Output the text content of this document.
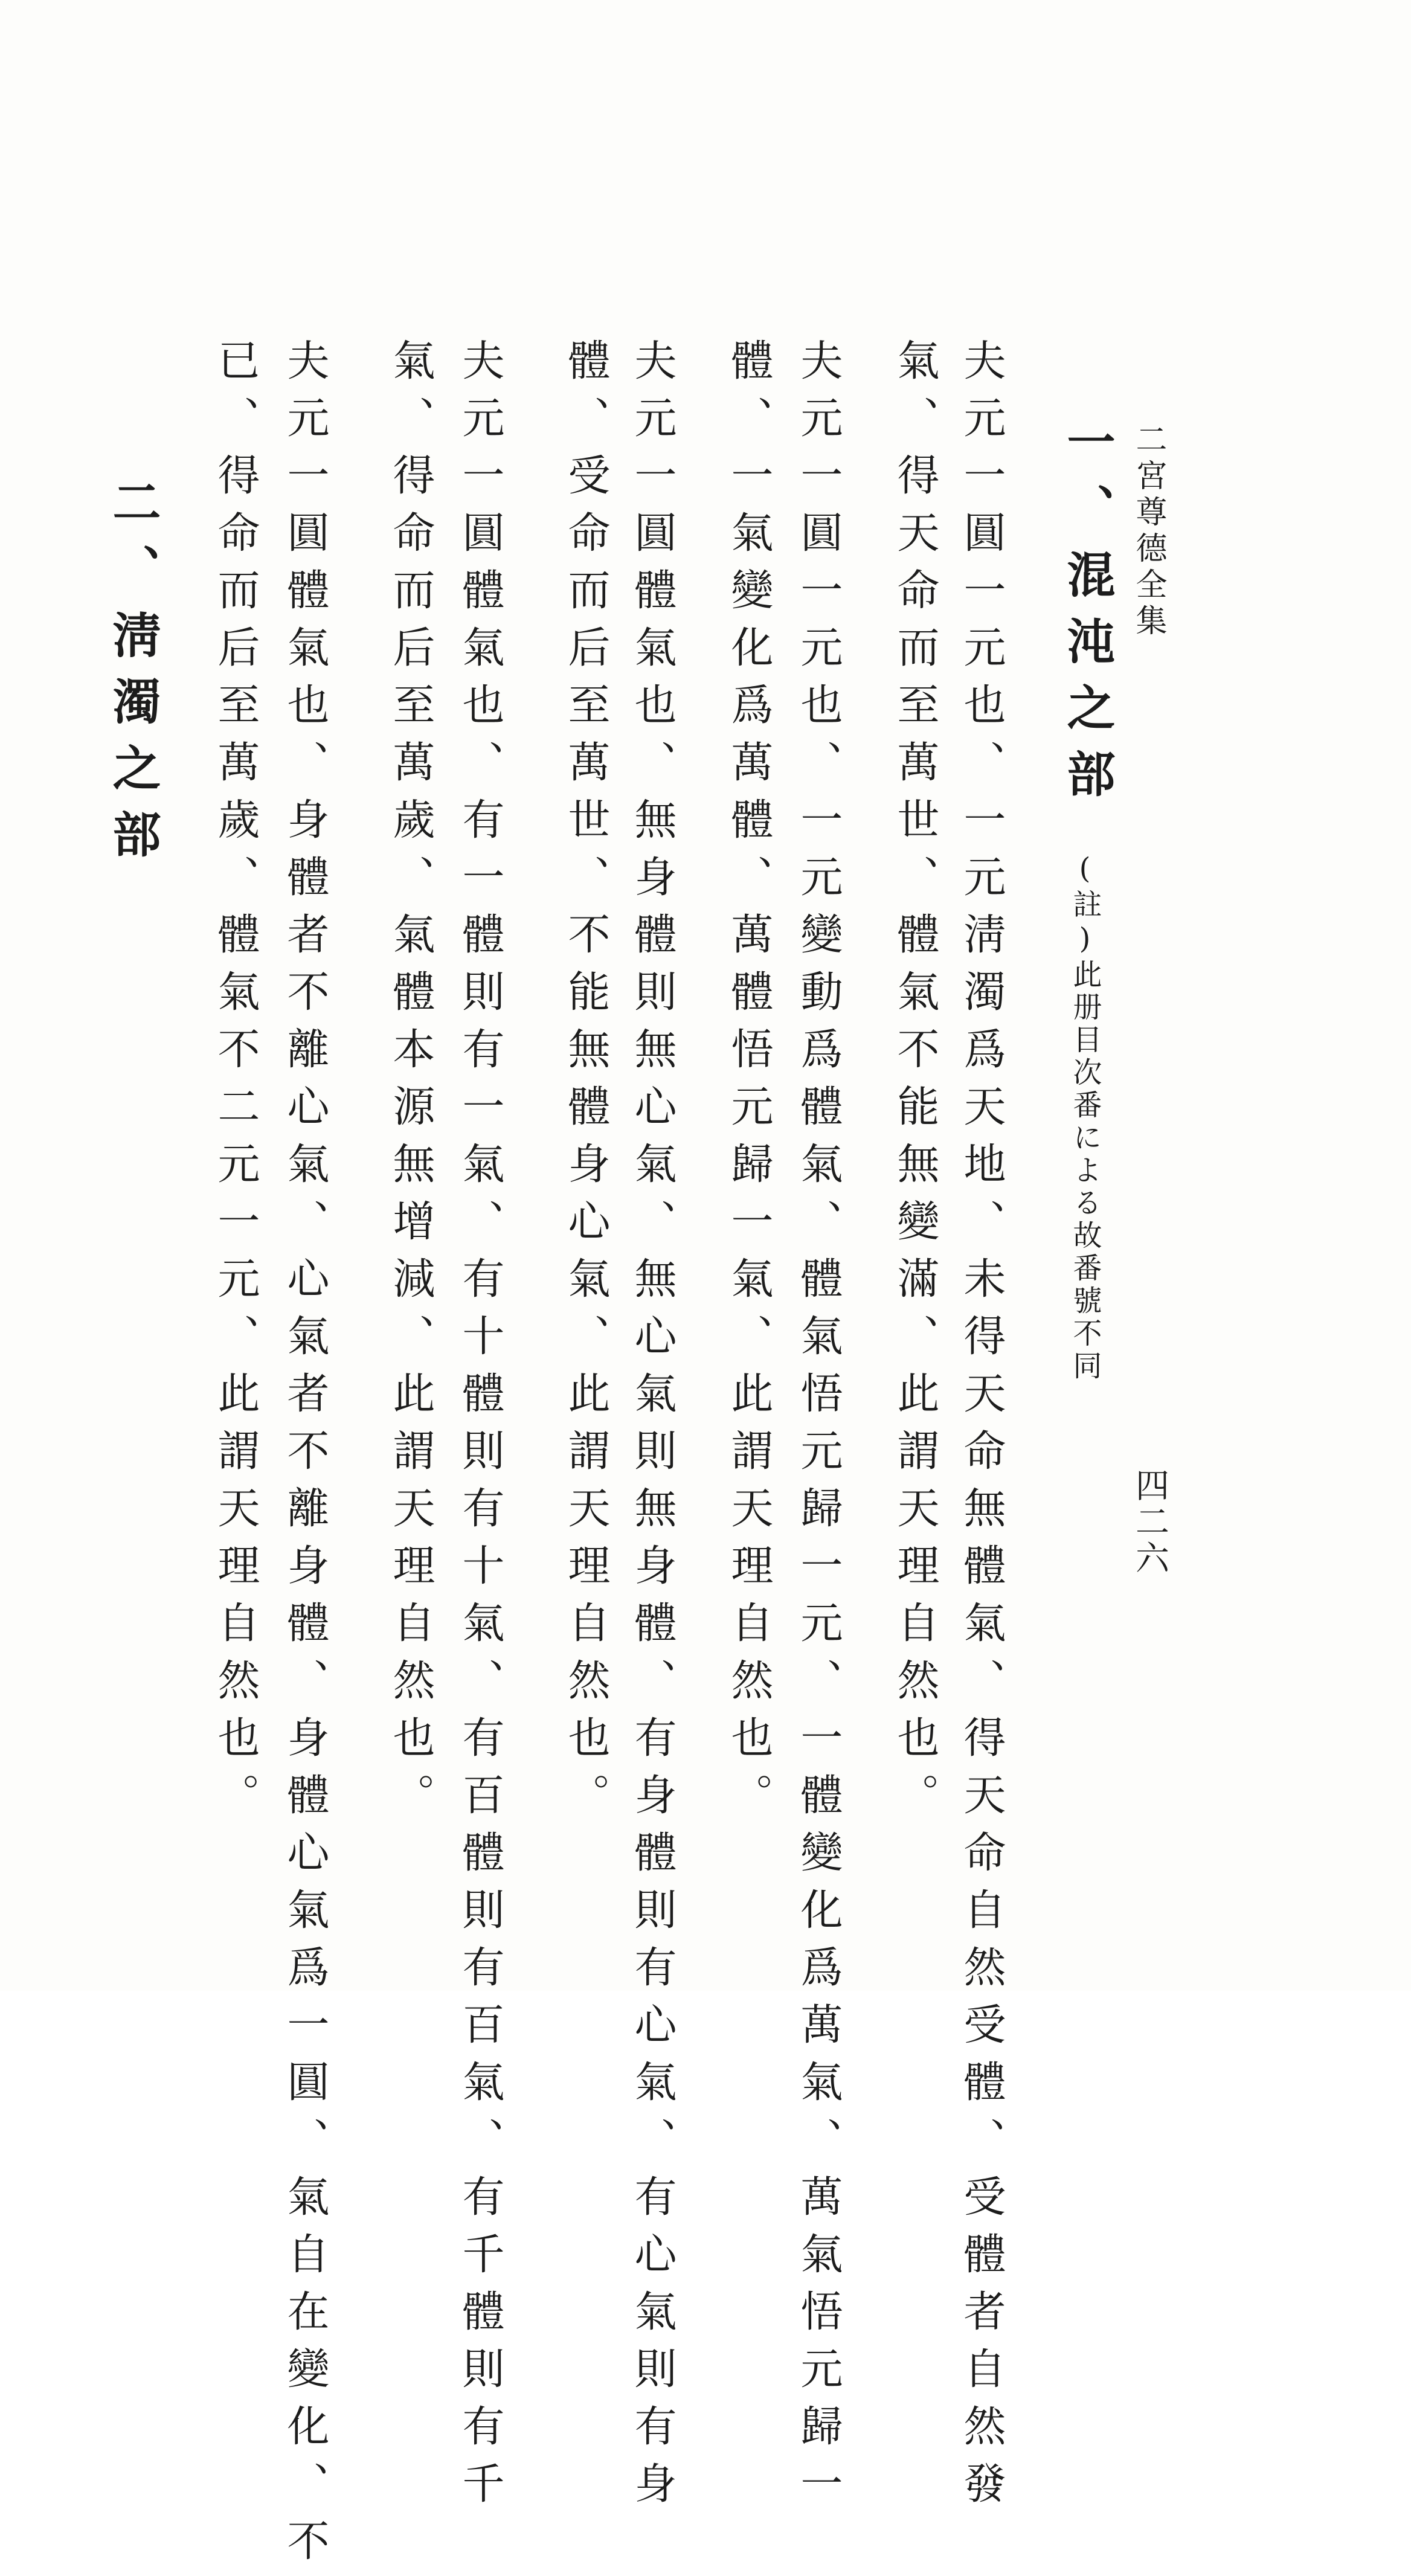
二宮尊德全集
四二六
一、混沌之部
(註)此册目次番による故番號不同
夫元一圓一元也、一元淸濁爲天地、未得天命無體氣、得天命自然受體、受體者自然發
氣、得天命而至萬世、體氣不能無變滿、此謂天理自然也。
夫元一圓一元也、一元變動爲體氣、體氣悟元歸一元、一體變化爲萬氣、萬氣悟元歸一
體、一氣變化爲萬體、萬體悟元歸一氣、此謂天理自然也。
夫元一圓體氣也、無身體則無心氣、無心氣則無身體、有身體則有心氣、有心氣則有身
體、受命而后至萬世、不能無體身心氣、此謂天理自然也。
夫元一圓體氣也、有一體則有一氣、有十體則有十氣、有百體則有百氣、有千體則有千
氣、得命而后至萬歲、氣體本源無增減、此謂天理自然也。
夫元一圓體氣也、身體者不離心氣、心氣者不離身體、身體心氣爲一圓、氣自在變化、不
已、得命而后至萬歲、體氣不二元一元、此謂天理自然也。
二、淸濁之部
